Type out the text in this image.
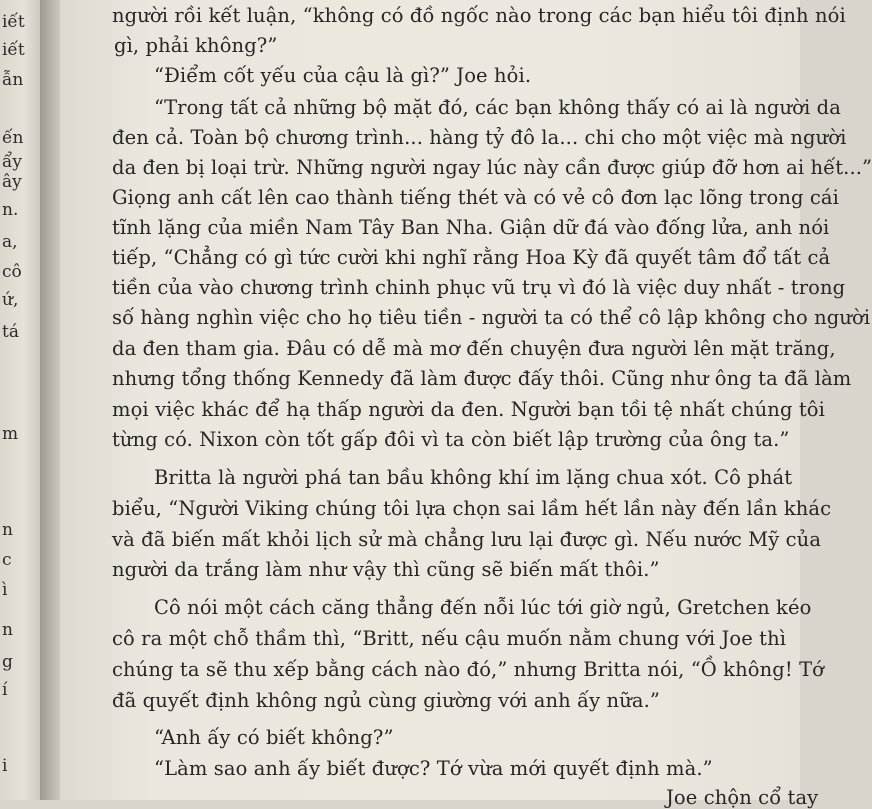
iết
iết
ẫn
ến
ẩy
ây
n.
a,
cô
ứ,
tá
m
n
c
ì
n
g
í
i
người rồi kết luận, “không có đồ ngốc nào trong các bạn hiểu tôi định nói
gì, phải không?”
“Điểm cốt yếu của cậu là gì?” Joe hỏi.
“Trong tất cả những bộ mặt đó, các bạn không thấy có ai là người da
đen cả. Toàn bộ chương trình... hàng tỷ đô la... chi cho một việc mà người
da đen bị loại trừ. Những người ngay lúc này cần được giúp đỡ hơn ai hết...”
Giọng anh cất lên cao thành tiếng thét và có vẻ cô đơn lạc lõng trong cái
tĩnh lặng của miền Nam Tây Ban Nha. Giận dữ đá vào đống lửa, anh nói
tiếp, “Chẳng có gì tức cười khi nghĩ rằng Hoa Kỳ đã quyết tâm đổ tất cả
tiền của vào chương trình chinh phục vũ trụ vì đó là việc duy nhất - trong
số hàng nghìn việc cho họ tiêu tiền - người ta có thể cô lập không cho người
da đen tham gia. Đâu có dễ mà mơ đến chuyện đưa người lên mặt trăng,
nhưng tổng thống Kennedy đã làm được đấy thôi. Cũng như ông ta đã làm
mọi việc khác để hạ thấp người da đen. Người bạn tồi tệ nhất chúng tôi
từng có. Nixon còn tốt gấp đôi vì ta còn biết lập trường của ông ta.”
Britta là người phá tan bầu không khí im lặng chua xót. Cô phát
biểu, “Người Viking chúng tôi lựa chọn sai lầm hết lần này đến lần khác
và đã biến mất khỏi lịch sử mà chẳng lưu lại được gì. Nếu nước Mỹ của
người da trắng làm như vậy thì cũng sẽ biến mất thôi.”
Cô nói một cách căng thẳng đến nỗi lúc tới giờ ngủ, Gretchen kéo
cô ra một chỗ thầm thì, “Britt, nếu cậu muốn nằm chung với Joe thì
chúng ta sẽ thu xếp bằng cách nào đó,” nhưng Britta nói, “Ồ không! Tớ
đã quyết định không ngủ cùng giường với anh ấy nữa.”
“Anh ấy có biết không?”
“Làm sao anh ấy biết được? Tớ vừa mới quyết định mà.”
Joe chộn cổ tay
